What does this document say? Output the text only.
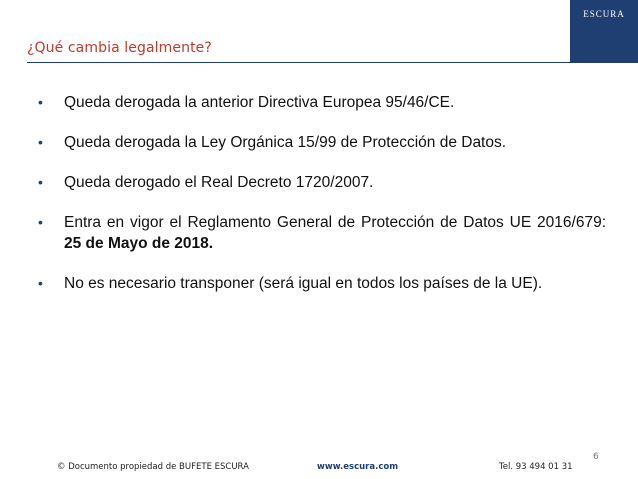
¿Qué cambia legalmente?
ESCURA
• Queda derogada la anterior Directiva Europea 95/46/CE.
• Queda derogada la Ley Orgánica 15/99 de Protección de Datos.
• Queda derogado el Real Decreto 1720/2007.
• Entra en vigor el Reglamento General de Protección de Datos UE 2016/679: 25 de Mayo de 2018.
• No es necesario transponer (será igual en todos los países de la UE).
6
© Documento propiedad de BUFETE ESCURA	www.escura.com	Tel. 93 494 01 31
